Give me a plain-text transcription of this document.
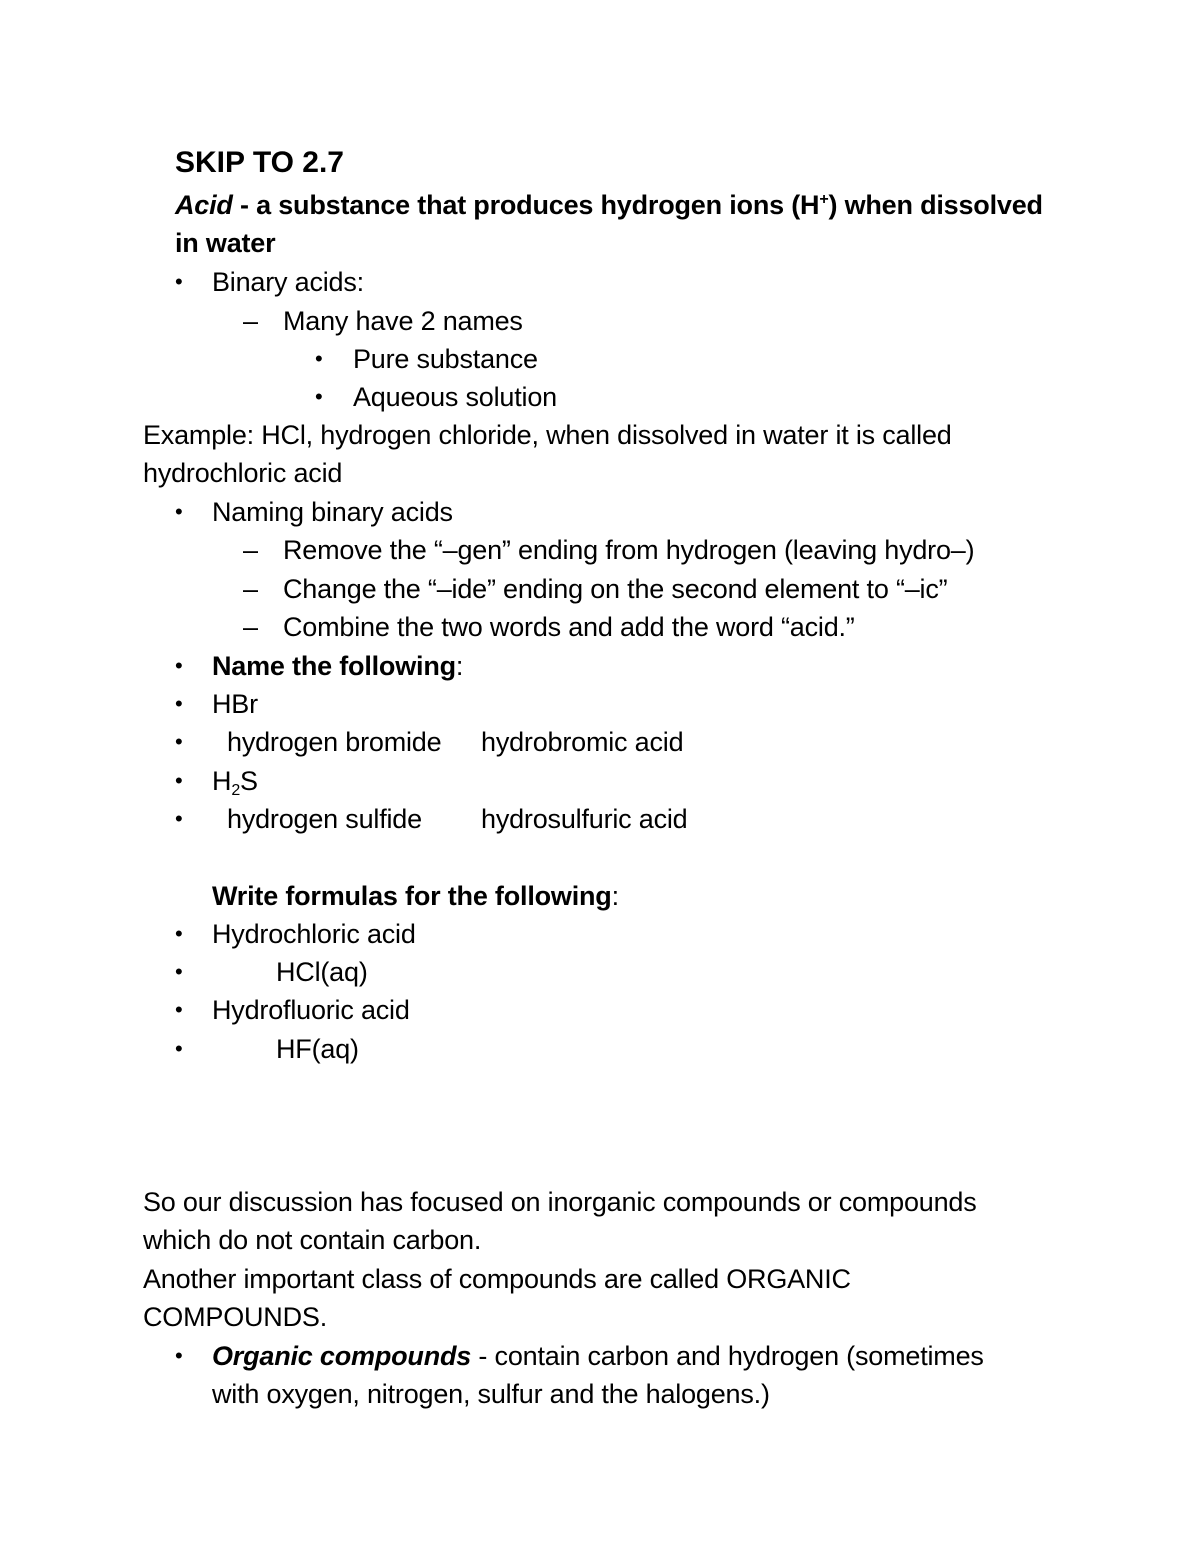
SKIP TO 2.7
Acid - a substance that produces hydrogen ions (H+) when dissolved
in water
• Binary acids:
– Many have 2 names
• Pure substance
• Aqueous solution
Example: HCl, hydrogen chloride, when dissolved in water it is called
hydrochloric acid
• Naming binary acids
– Remove the “–gen” ending from hydrogen (leaving hydro–)
– Change the “–ide” ending on the second element to “–ic”
– Combine the two words and add the word “acid.”
• Name the following:
• HBr
• hydrogen bromide hydrobromic acid
• $H_2S$
• hydrogen sulfide hydrosulfuric acid
Write formulas for the following:
• Hydrochloric acid
•	HCl(aq)
• Hydrofluoric acid
•	HF(aq)
So our discussion has focused on inorganic compounds or compounds
which do not contain carbon.
Another important class of compounds are called ORGANIC
COMPOUNDS.
• Organic compounds - contain carbon and hydrogen (sometimes
with oxygen, nitrogen, sulfur and the halogens.)
